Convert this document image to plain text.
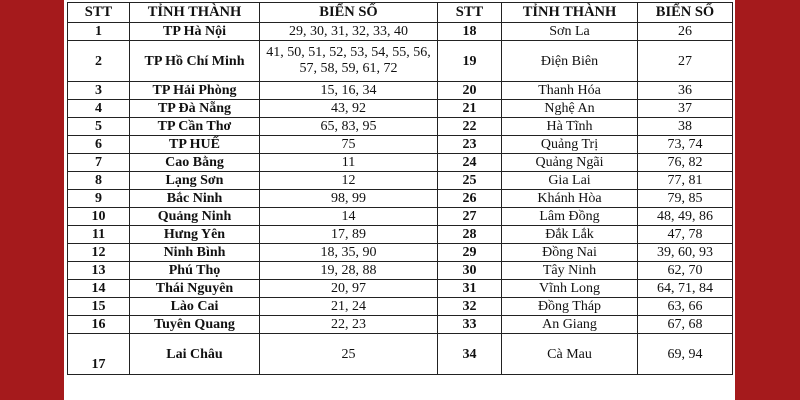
STT	TỈNH THÀNH	BIỂN SỐ	STT	TỈNH THÀNH	BIỂN SỐ
1	TP Hà Nội	29, 30, 31, 32, 33, 40	18	Sơn La	26
2	TP Hồ Chí Minh	41, 50, 51, 52, 53, 54, 55, 56, 57, 58, 59, 61, 72	19	Điện Biên	27
3	TP Hải Phòng	15, 16, 34	20	Thanh Hóa	36
4	TP Đà Nẵng	43, 92	21	Nghệ An	37
5	TP Cần Thơ	65, 83, 95	22	Hà Tĩnh	38
6	TP HUẾ	75	23	Quảng Trị	73, 74
7	Cao Bằng	11	24	Quảng Ngãi	76, 82
8	Lạng Sơn	12	25	Gia Lai	77, 81
9	Bắc Ninh	98, 99	26	Khánh Hòa	79, 85
10	Quảng Ninh	14	27	Lâm Đồng	48, 49, 86
11	Hưng Yên	17, 89	28	Đắk Lắk	47, 78
12	Ninh Bình	18, 35, 90	29	Đồng Nai	39, 60, 93
13	Phú Thọ	19, 28, 88	30	Tây Ninh	62, 70
14	Thái Nguyên	20, 97	31	Vĩnh Long	64, 71, 84
15	Lào Cai	21, 24	32	Đồng Tháp	63, 66
16	Tuyên Quang	22, 23	33	An Giang	67, 68
17	Lai Châu	25	34	Cà Mau	69, 94
